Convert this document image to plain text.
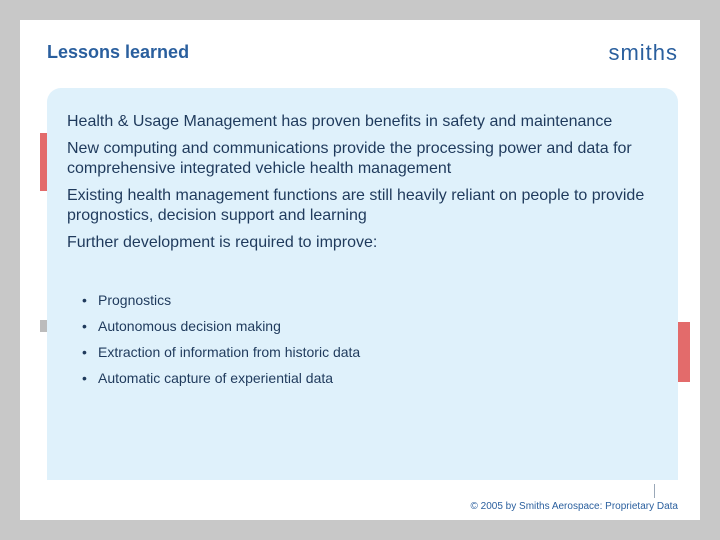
Lessons learned	smiths
Health & Usage Management has proven benefits in safety and maintenance
New computing and communications provide the processing power and data for comprehensive integrated vehicle health management
Existing health management functions are still heavily reliant on people to provide prognostics, decision support and learning
Further development is required to improve:
• Prognostics
• Autonomous decision making
• Extraction of information from historic data
• Automatic capture of experiential data
© 2005 by Smiths Aerospace: Proprietary Data
